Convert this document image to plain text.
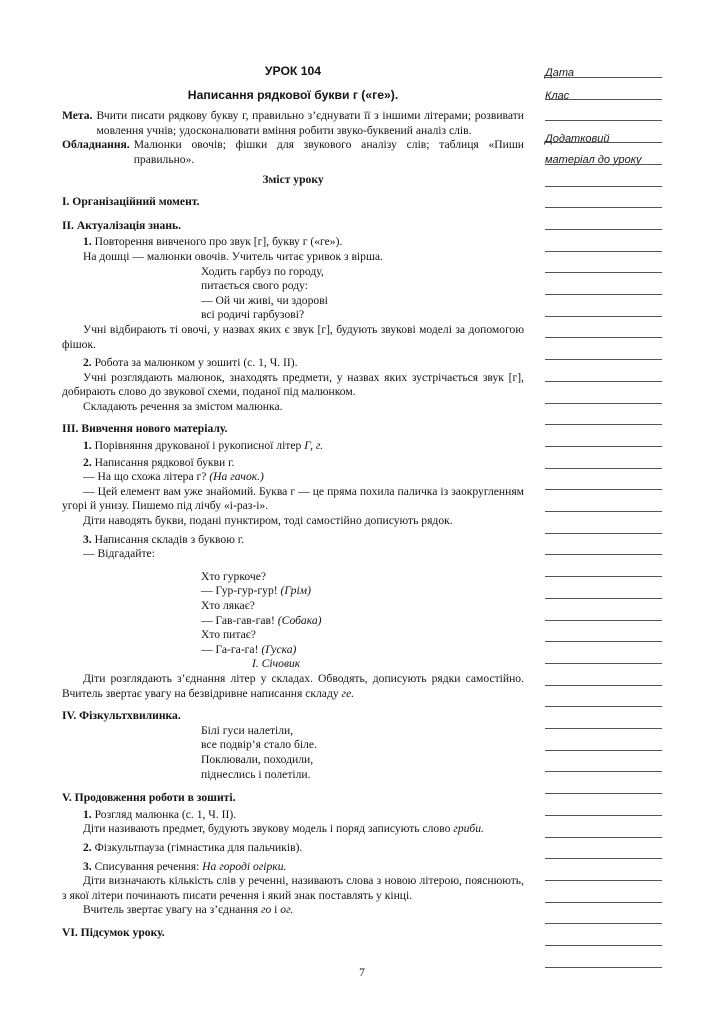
УРОК 104
Написання рядкової букви г («ге»).
Мета. Вчити писати рядкову букву г, правильно з’єднувати її з іншими літерами; розвивати мовлення учнів; удосконалювати вміння робити звуко-буквений аналіз слів.
Обладнання. Малюнки овочів; фішки для звукового аналізу слів; таблиця «Пиши правильно».
Зміст уроку
I. Організаційний момент.
II. Актуалізація знань.
1. Повторення вивченого про звук [г], букву г («ге»).
На дошці — малюнки овочів. Учитель читає уривок з вірша.
Ходить гарбуз по городу,
питається свого роду:
— Ой чи живі, чи здорові
всі родичі гарбузові?
Учні відбирають ті овочі, у назвах яких є звук [г], будують звукові моделі за допомогою фішок.
2. Робота за малюнком у зошиті (с. 1, Ч. II).
Учні розглядають малюнок, знаходять предмети, у назвах яких зустрічається звук [г], добирають слово до звукової схеми, поданої під малюнком.
Складають речення за змістом малюнка.
III. Вивчення нового матеріалу.
1. Порівняння друкованої і рукописної літер Г, г.
2. Написання рядкової букви г.
— На що схожа літера г? (На гачок.)
— Цей елемент вам уже знайомий. Буква г — це пряма похила паличка із заокругленням угорі й унизу. Пишемо під лічбу «і-раз-і».
Діти наводять букви, подані пунктиром, тоді самостійно дописують рядок.
3. Написання складів з буквою г.
— Відгадайте:
Хто гуркоче?
— Гур-гур-гур! (Грім)
Хто лякає?
— Гав-гав-гав! (Собака)
Хто питає?
— Га-га-га! (Гуска)
І. Січовик
Діти розглядають з’єднання літер у складах. Обводять, дописують рядки самостійно. Вчитель звертає увагу на безвідривне написання складу ге.
IV. Фізкультхвилинка.
Білі гуси налетіли,
все подвір’я стало біле.
Поклювали, походили,
піднеслись і полетіли.
V. Продовження роботи в зошиті.
1. Розгляд малюнка (с. 1, Ч. II).
Діти називають предмет, будують звукову модель і поряд записують слово гриби.
2. Фізкультпауза (гімнастика для пальчиків).
3. Списування речення: На городі огірки.
Діти визначають кількість слів у реченні, називають слова з новою літерою, пояснюють, з якої літери починають писати речення і який знак поставлять у кінці.
Вчитель звертає увагу на з’єднання го і ог.
VI. Підсумок уроку.
Дата
Клас
Додатковий
матеріал до уроку
7
